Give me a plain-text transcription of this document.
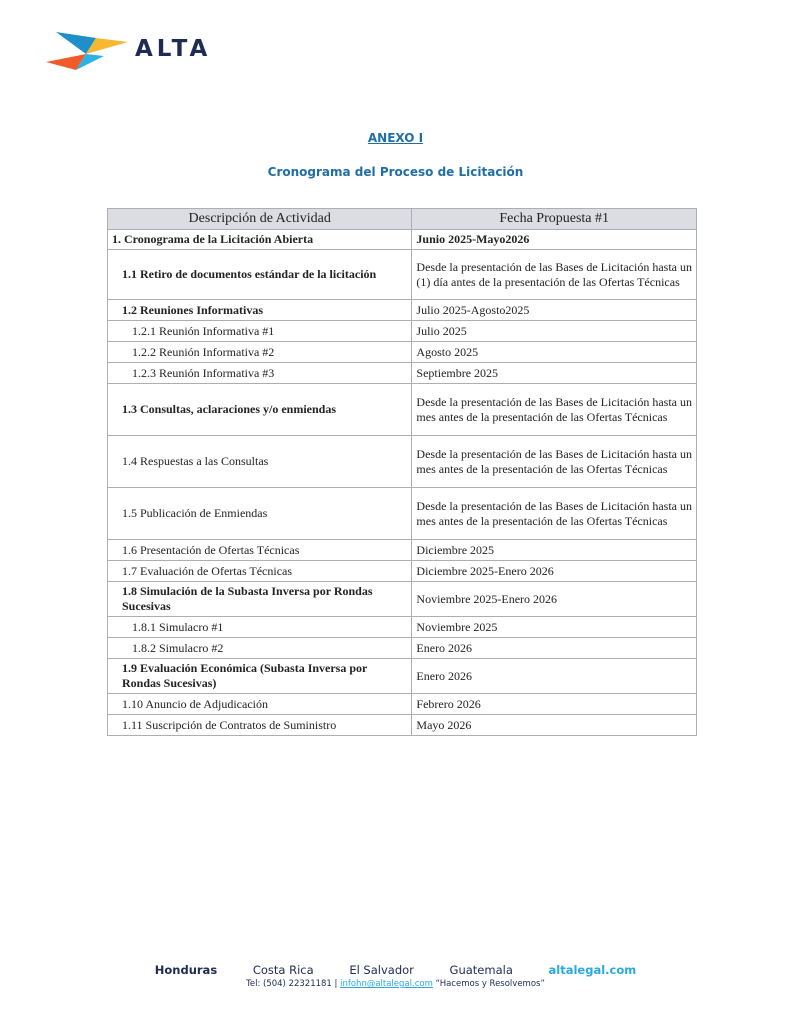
ALTA
ANEXO I
Cronograma del Proceso de Licitación
Descripción de Actividad	Fecha Propuesta #1
1. Cronograma de la Licitación Abierta	Junio 2025-Mayo2026
1.1 Retiro de documentos estándar de la licitación	Desde la presentación de las Bases de Licitación hasta un (1) día antes de la presentación de las Ofertas Técnicas
1.2 Reuniones Informativas	Julio 2025-Agosto2025
1.2.1 Reunión Informativa #1	Julio 2025
1.2.2 Reunión Informativa #2	Agosto 2025
1.2.3 Reunión Informativa #3	Septiembre 2025
1.3 Consultas, aclaraciones y/o enmiendas	Desde la presentación de las Bases de Licitación hasta un mes antes de la presentación de las Ofertas Técnicas
1.4 Respuestas a las Consultas	Desde la presentación de las Bases de Licitación hasta un mes antes de la presentación de las Ofertas Técnicas
1.5 Publicación de Enmiendas	Desde la presentación de las Bases de Licitación hasta un mes antes de la presentación de las Ofertas Técnicas
1.6 Presentación de Ofertas Técnicas	Diciembre 2025
1.7 Evaluación de Ofertas Técnicas	Diciembre 2025-Enero 2026
1.8 Simulación de la Subasta Inversa por Rondas Sucesivas	Noviembre 2025-Enero 2026
1.8.1 Simulacro #1	Noviembre 2025
1.8.2 Simulacro #2	Enero 2026
1.9 Evaluación Económica (Subasta Inversa por Rondas Sucesivas)	Enero 2026
1.10 Anuncio de Adjudicación	Febrero 2026
1.11 Suscripción de Contratos de Suministro	Mayo 2026
Honduras	Costa Rica	El Salvador	Guatemala	altalegal.com
Tel: (504) 22321181 | infohn@altalegal.com “Hacemos y Resolvemos”
